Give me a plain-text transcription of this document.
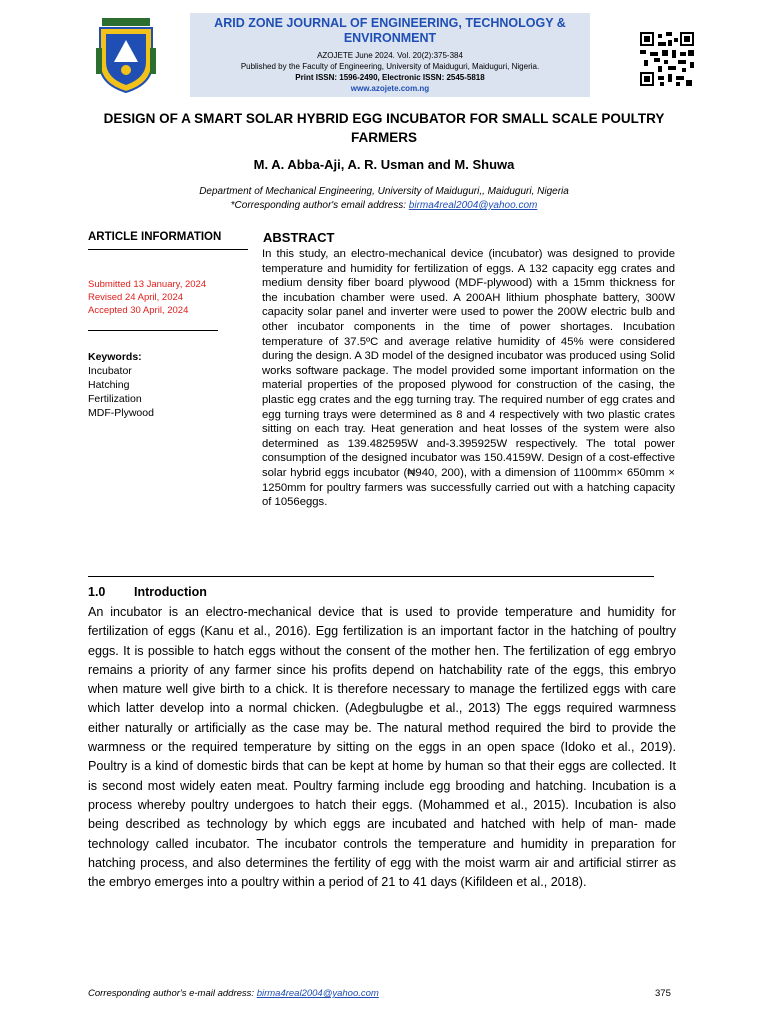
ARID ZONE JOURNAL OF ENGINEERING, TECHNOLOGY & ENVIRONMENT
AZOJETE June 2024. Vol. 20(2):375-384
Published by the Faculty of Engineering, University of Maiduguri, Maiduguri, Nigeria.
Print ISSN: 1596-2490, Electronic ISSN: 2545-5818
www.azojete.com.ng
DESIGN OF A SMART SOLAR HYBRID EGG INCUBATOR FOR SMALL SCALE POULTRY FARMERS
M. A. Abba-Aji, A. R. Usman and M. Shuwa
Department of Mechanical Engineering, University of Maiduguri,, Maiduguri, Nigeria
*Corresponding author's email address: birma4real2004@yahoo.com
ARTICLE INFORMATION
Submitted 13 January, 2024
Revised 24 April, 2024
Accepted 30 April, 2024
Keywords:
Incubator
Hatching
Fertilization
MDF-Plywood
ABSTRACT
In this study, an electro-mechanical device (incubator) was designed to provide temperature and humidity for fertilization of eggs. A 132 capacity egg crates and medium density fiber board plywood (MDF-plywood) with a 15mm thickness for the incubation chamber were used. A 200AH lithium phosphate battery, 300W capacity solar panel and inverter were used to power the 200W electric bulb and other incubator components in the time of power shortages. Incubation temperature of 37.5ºC and average relative humidity of 45% were considered during the design. A 3D model of the designed incubator was produced using Solid works software package. The model provided some important information on the material properties of the proposed plywood for construction of the casing, the plastic egg crates and the egg turning tray. The required number of egg crates and egg turning trays were determined as 8 and 4 respectively with two plastic crates sitting on each tray. Heat generation and heat losses of the system were also determined as 139.482595W and-3.395925W respectively. The total power consumption of the designed incubator was 150.4159W. Design of a cost-effective solar hybrid eggs incubator (₦940, 200), with a dimension of 1100mm× 650mm × 1250mm for poultry farmers was successfully carried out with a hatching capacity of 1056eggs.
1.0 Introduction
An incubator is an electro-mechanical device that is used to provide temperature and humidity for fertilization of eggs (Kanu et al., 2016). Egg fertilization is an important factor in the hatching of poultry eggs. It is possible to hatch eggs without the consent of the mother hen. The fertilization of egg embryo remains a priority of any farmer since his profits depend on hatchability rate of the eggs, this embryo when mature well give birth to a chick. It is therefore necessary to manage the fertilized eggs with care which latter develop into a normal chicken. (Adegbulugbe et al., 2013) The eggs required warmness either naturally or artificially as the case may be. The natural method required the bird to provide the warmness or the required temperature by sitting on the eggs in an open space (Idoko et al., 2019). Poultry is a kind of domestic birds that can be kept at home by human so that their eggs are collected. It is second most widely eaten meat. Poultry farming include egg brooding and hatching. Incubation is a process whereby poultry undergoes to hatch their eggs. (Mohammed et al., 2015). Incubation is also being described as technology by which eggs are incubated and hatched with help of man- made technology called incubator. The incubator controls the temperature and humidity in preparation for hatching process, and also determines the fertility of egg with the moist warm air and artificial stirrer as the embryo emerges into a poultry within a period of 21 to 41 days (Kifildeen et al., 2018).
Corresponding author's e-mail address: birma4real2004@yahoo.com	375
